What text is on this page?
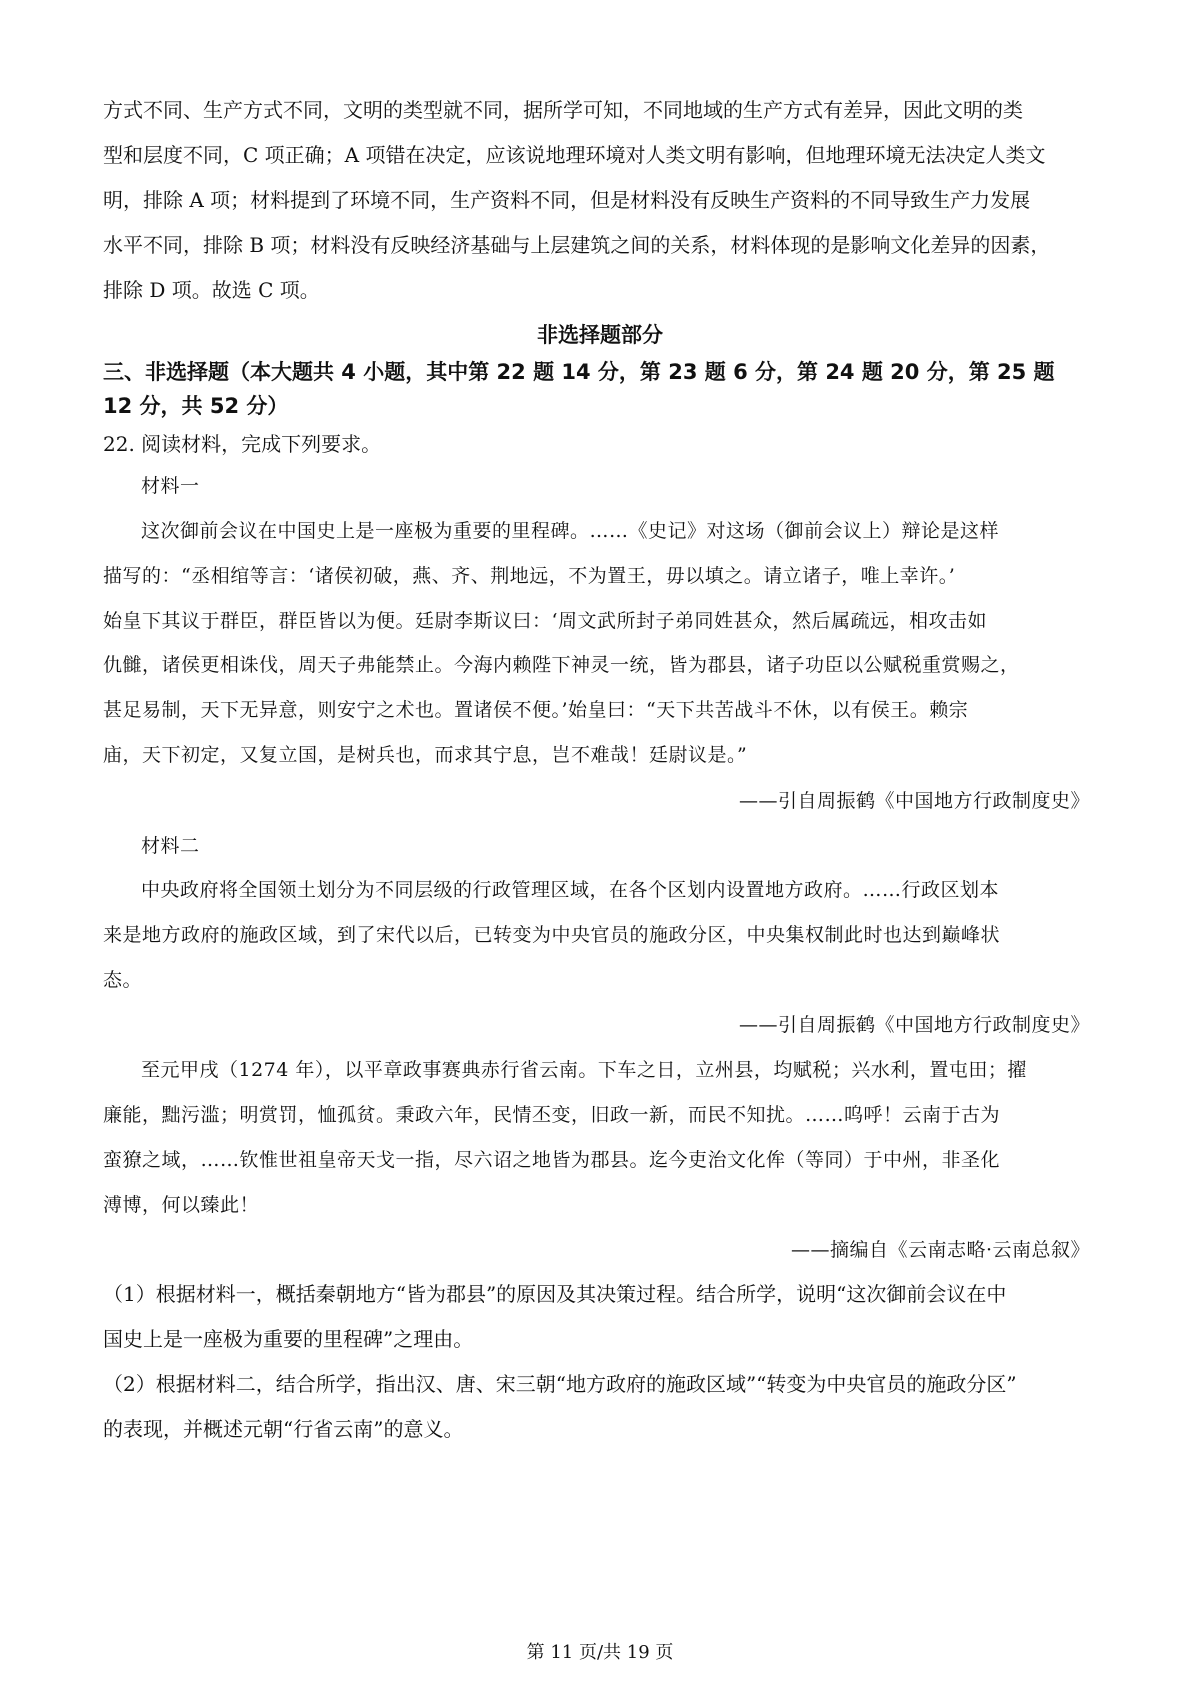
方式不同、生产方式不同，文明的类型就不同，据所学可知，不同地域的生产方式有差异，因此文明的类
型和层度不同，C 项正确；A 项错在决定，应该说地理环境对人类文明有影响，但地理环境无法决定人类文
明，排除 A 项；材料提到了环境不同，生产资料不同，但是材料没有反映生产资料的不同导致生产力发展
水平不同，排除 B 项；材料没有反映经济基础与上层建筑之间的关系，材料体现的是影响文化差异的因素，
排除 D 项。故选 C 项。
非选择题部分
三、非选择题（本大题共 4 小题，其中第 22 题 14 分，第 23 题 6 分，第 24 题 20 分，第 25 题
12 分，共 52 分）
22. 阅读材料，完成下列要求。
材料一
这次御前会议在中国史上是一座极为重要的里程碑。……《史记》对这场（御前会议上）辩论是这样
描写的：“丞相绾等言：‘诸侯初破，燕、齐、荆地远，不为置王，毋以填之。请立诸子，唯上幸许。’
始皇下其议于群臣，群臣皆以为便。廷尉李斯议曰：‘周文武所封子弟同姓甚众，然后属疏远，相攻击如
仇雠，诸侯更相诛伐，周天子弗能禁止。今海内赖陛下神灵一统，皆为郡县，诸子功臣以公赋税重赏赐之，
甚足易制，天下无异意，则安宁之术也。置诸侯不便。’始皇曰：“天下共苦战斗不休，以有侯王。赖宗
庙，天下初定，又复立国，是树兵也，而求其宁息，岂不难哉！廷尉议是。”
——引自周振鹤《中国地方行政制度史》
材料二
中央政府将全国领土划分为不同层级的行政管理区域，在各个区划内设置地方政府。……行政区划本
来是地方政府的施政区域，到了宋代以后，已转变为中央官员的施政分区，中央集权制此时也达到巅峰状
态。
——引自周振鹤《中国地方行政制度史》
至元甲戌（1274 年），以平章政事赛典赤行省云南。下车之日，立州县，均赋税；兴水利，置屯田；擢
廉能，黜污滥；明赏罚，恤孤贫。秉政六年，民情丕变，旧政一新，而民不知扰。……呜呼！云南于古为
蛮獠之域，……钦惟世祖皇帝天戈一指，尽六诏之地皆为郡县。迄今吏治文化侔（等同）于中州，非圣化
溥博，何以臻此！
——摘编自《云南志略·云南总叙》
（1）根据材料一，概括秦朝地方“皆为郡县”的原因及其决策过程。结合所学，说明“这次御前会议在中
国史上是一座极为重要的里程碑”之理由。
（2）根据材料二，结合所学，指出汉、唐、宋三朝“地方政府的施政区域”“转变为中央官员的施政分区”
的表现，并概述元朝“行省云南”的意义。
第 11 页/共 19 页
